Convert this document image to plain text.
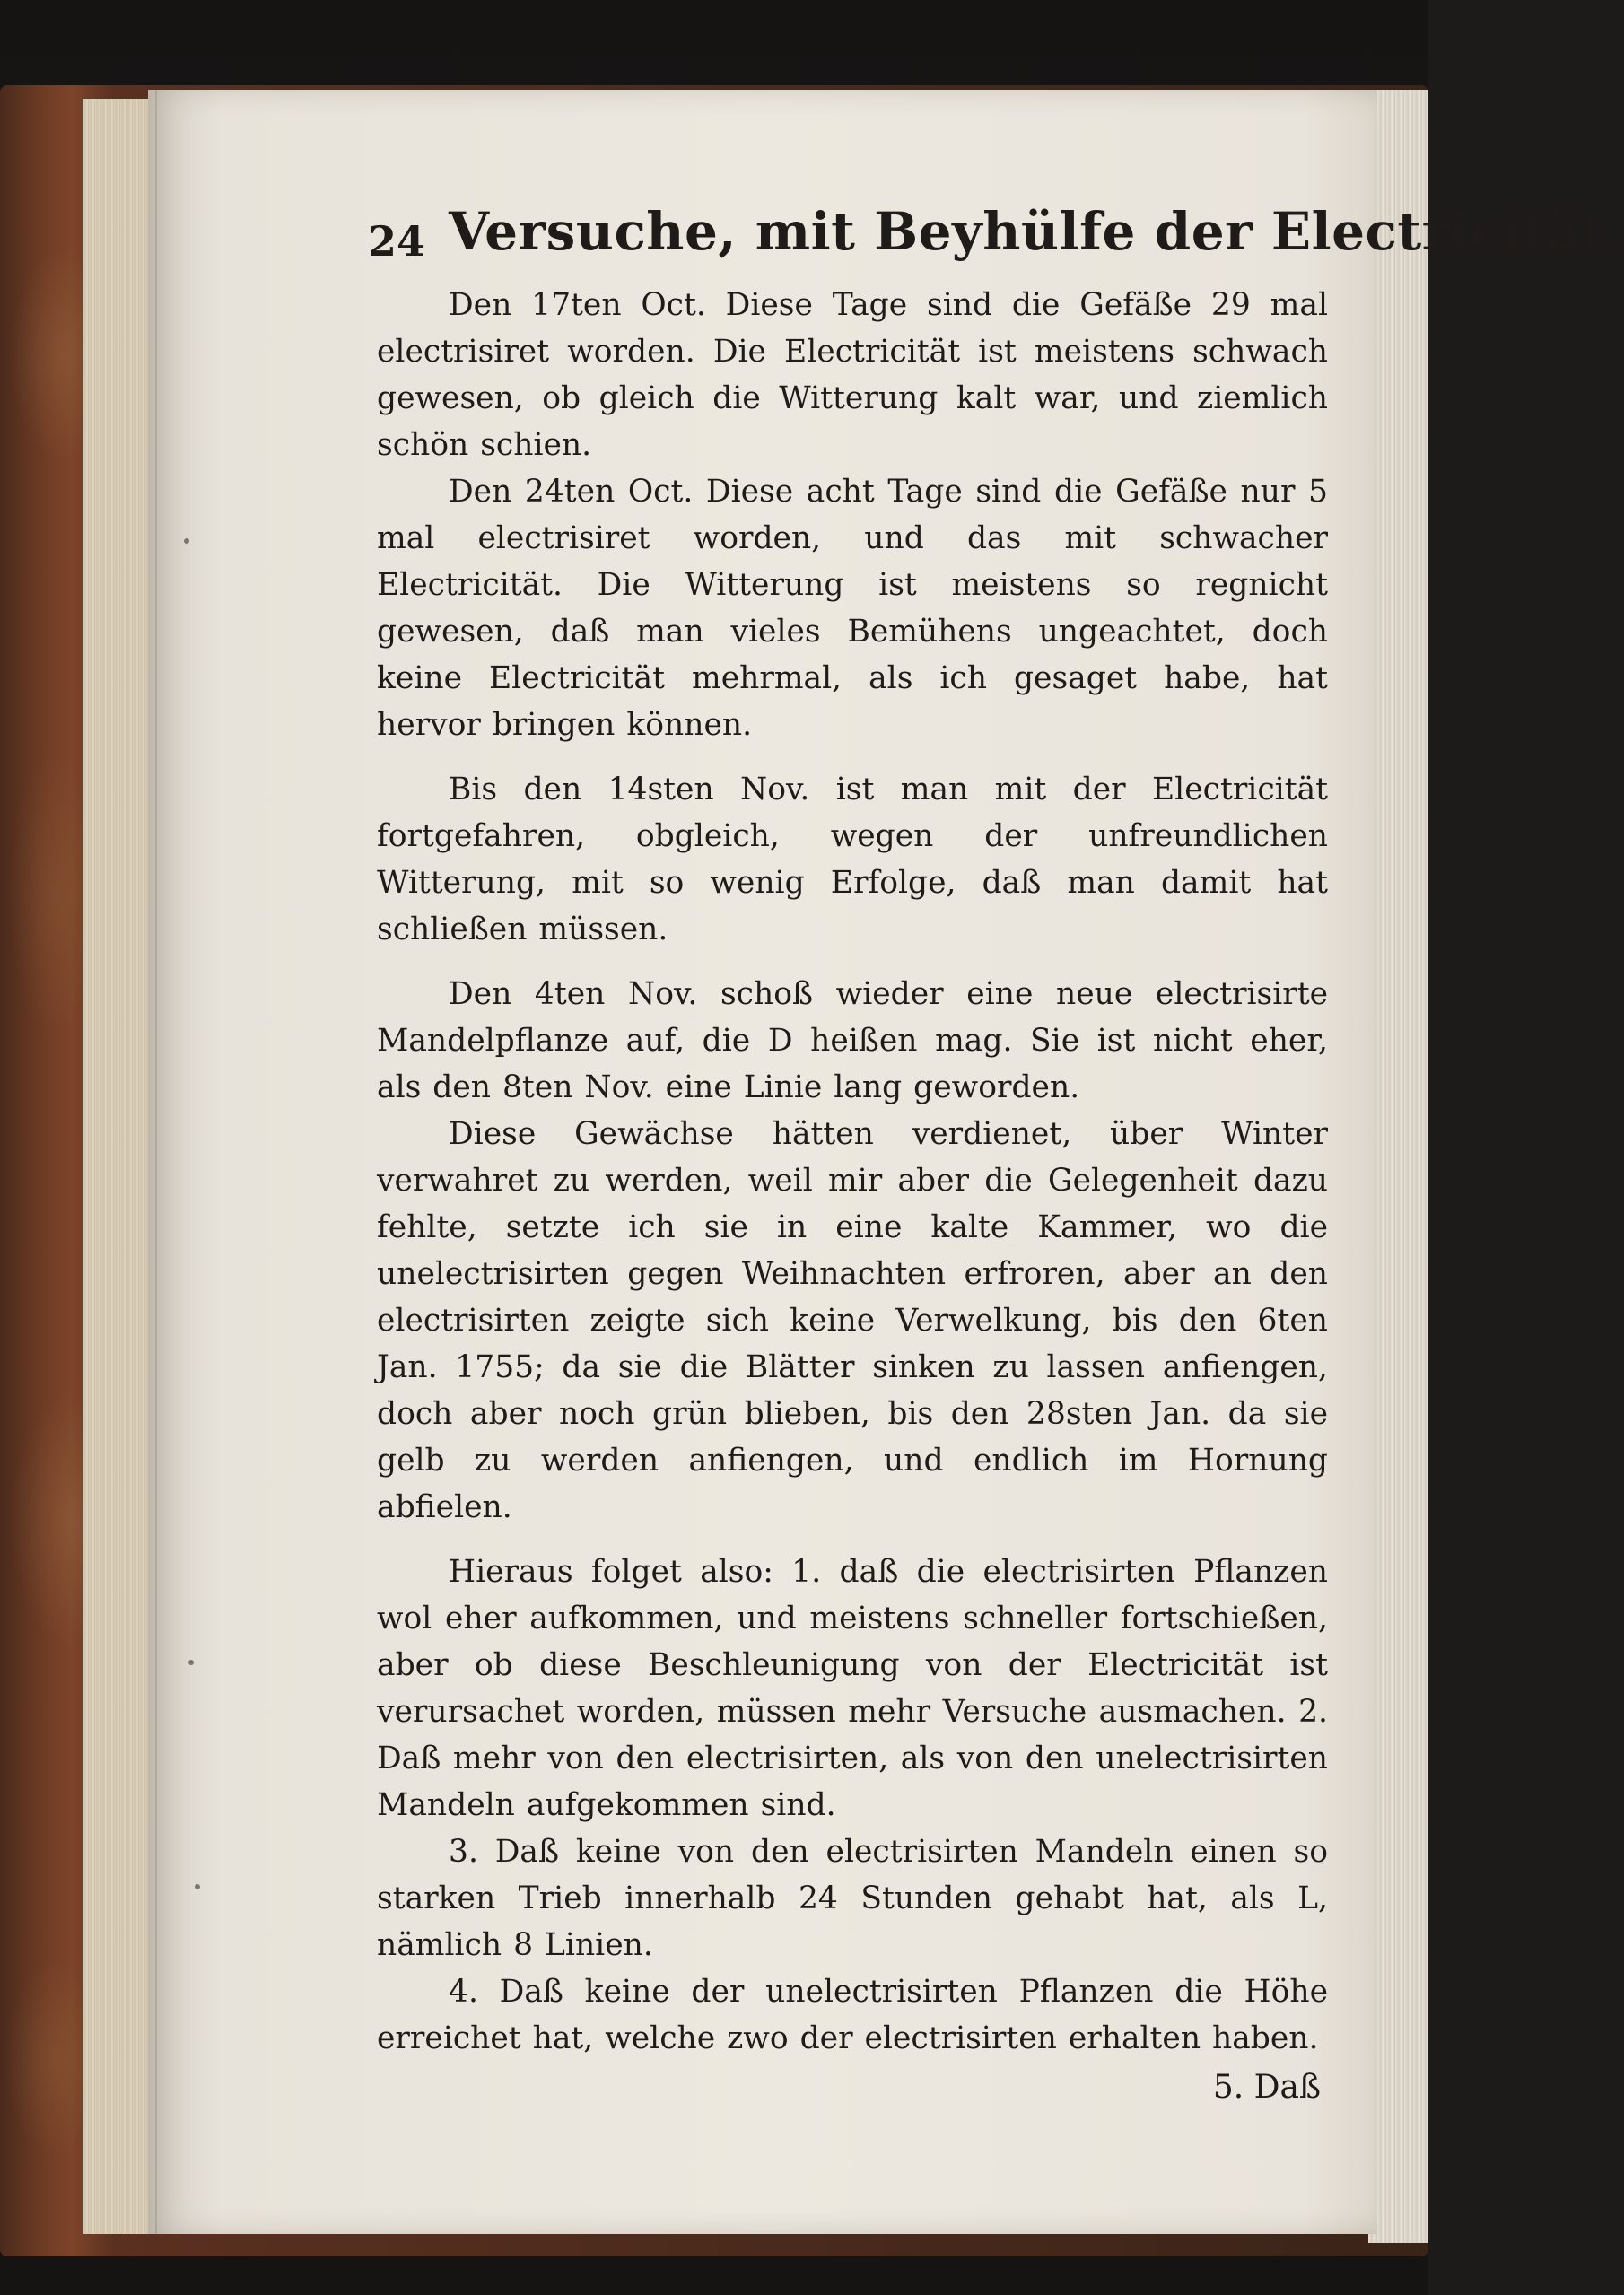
24 Versuche, mit Beyhülfe der Electricität,

Den 17ten Oct. Diese Tage sind die Gefäße 29 mal electrisiret worden. Die Electricität ist meistens schwach gewesen, ob gleich die Witterung kalt war, und ziemlich schön schien.

Den 24ten Oct. Diese acht Tage sind die Gefäße nur 5 mal electrisiret worden, und das mit schwacher Electricität. Die Witterung ist meistens so regnicht gewesen, daß man vieles Bemühens ungeachtet, doch keine Electricität mehrmal, als ich gesaget habe, hat hervor bringen können.

Bis den 14sten Nov. ist man mit der Electricität fortgefahren, obgleich, wegen der unfreundlichen Witterung, mit so wenig Erfolge, daß man damit hat schließen müssen.

Den 4ten Nov. schoß wieder eine neue electrisirte Mandelpflanze auf, die D heißen mag. Sie ist nicht eher, als den 8ten Nov. eine Linie lang geworden.

Diese Gewächse hätten verdienet, über Winter verwahret zu werden, weil mir aber die Gelegenheit dazu fehlte, setzte ich sie in eine kalte Kammer, wo die unelectrisirten gegen Weihnachten erfroren, aber an den electrisirten zeigte sich keine Verwelkung, bis den 6ten Jan. 1755; da sie die Blätter sinken zu lassen anfiengen, doch aber noch grün blieben, bis den 28sten Jan. da sie gelb zu werden anfiengen, und endlich im Hornung abfielen.

Hieraus folget also: 1. daß die electrisirten Pflanzen wol eher aufkommen, und meistens schneller fortschießen, aber ob diese Beschleunigung von der Electricität ist verursachet worden, müssen mehr Versuche ausmachen. 2. Daß mehr von den electrisirten, als von den unelectrisirten Mandeln aufgekommen sind.

3. Daß keine von den electrisirten Mandeln einen so starken Trieb innerhalb 24 Stunden gehabt hat, als L, nämlich 8 Linien.

4. Daß keine der unelectrisirten Pflanzen die Höhe erreichet hat, welche zwo der electrisirten erhalten haben.

5. Daß
